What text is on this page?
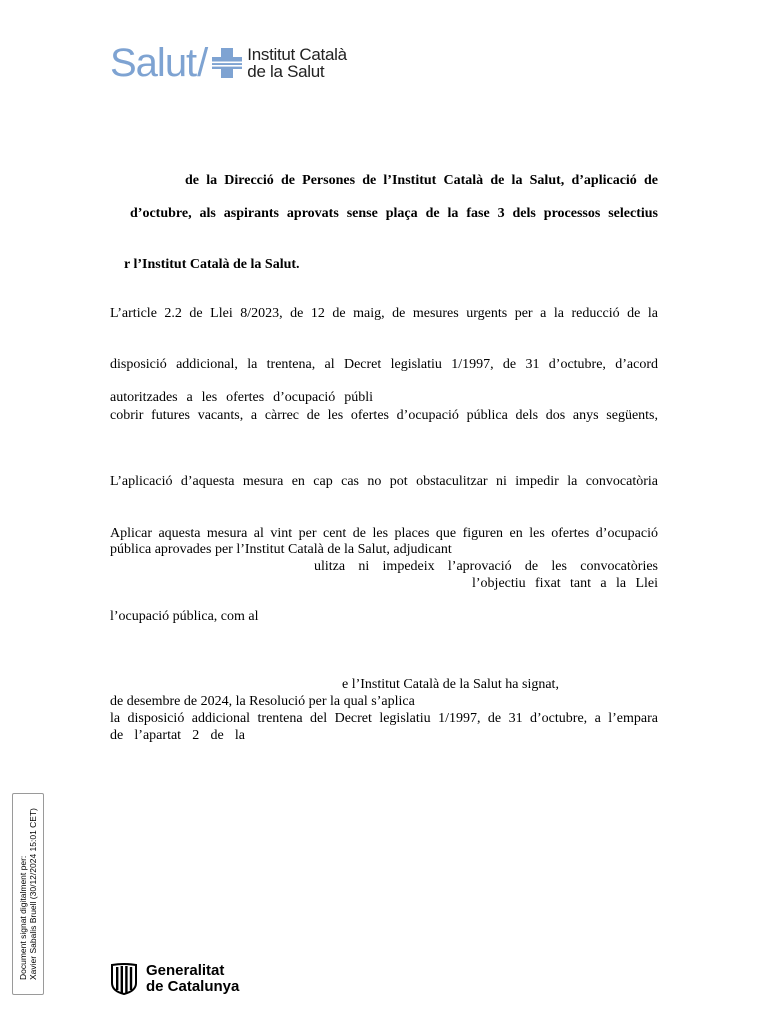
Salut / Institut Català
de la Salut
de la Direcció de Persones de l’Institut Català de la Salut, d’aplicació de
d’octubre, als aspirants aprovats sense plaça de la fase 3 dels processos selectius
r l’Institut Català de la Salut.
L’article 2.2 de Llei 8/2023, de 12 de maig, de mesures urgents per a la reducció de la
disposició addicional, la trentena, al Decret legislatiu 1/1997, de 31 d’octubre, d’acord
autoritzades a les ofertes d’ocupació públi
cobrir futures vacants, a càrrec de les ofertes d’ocupació pública dels dos anys següents,
L’aplicació d’aquesta mesura en cap cas no pot obstaculitzar ni impedir la convocatòria
Aplicar aquesta mesura al vint per cent de les places que figuren en les ofertes d’ocupació
pública aprovades per l’Institut Català de la Salut, adjudicant
ulitza ni impedeix l’aprovació de les convocatòries
l’objectiu fixat tant a la Llei
l’ocupació pública, com al
e l’Institut Català de la Salut ha signat,
de desembre de 2024, la Resolució per la qual s’aplica
la disposició addicional trentena del Decret legislatiu 1/1997, de 31 d’octubre, a l’empara
de l’apartat 2 de la
Document signat digitalment per: Xavier Sabalis Bruell (30/12/2024 15:01 CET)	Generalitat
de Catalunya
